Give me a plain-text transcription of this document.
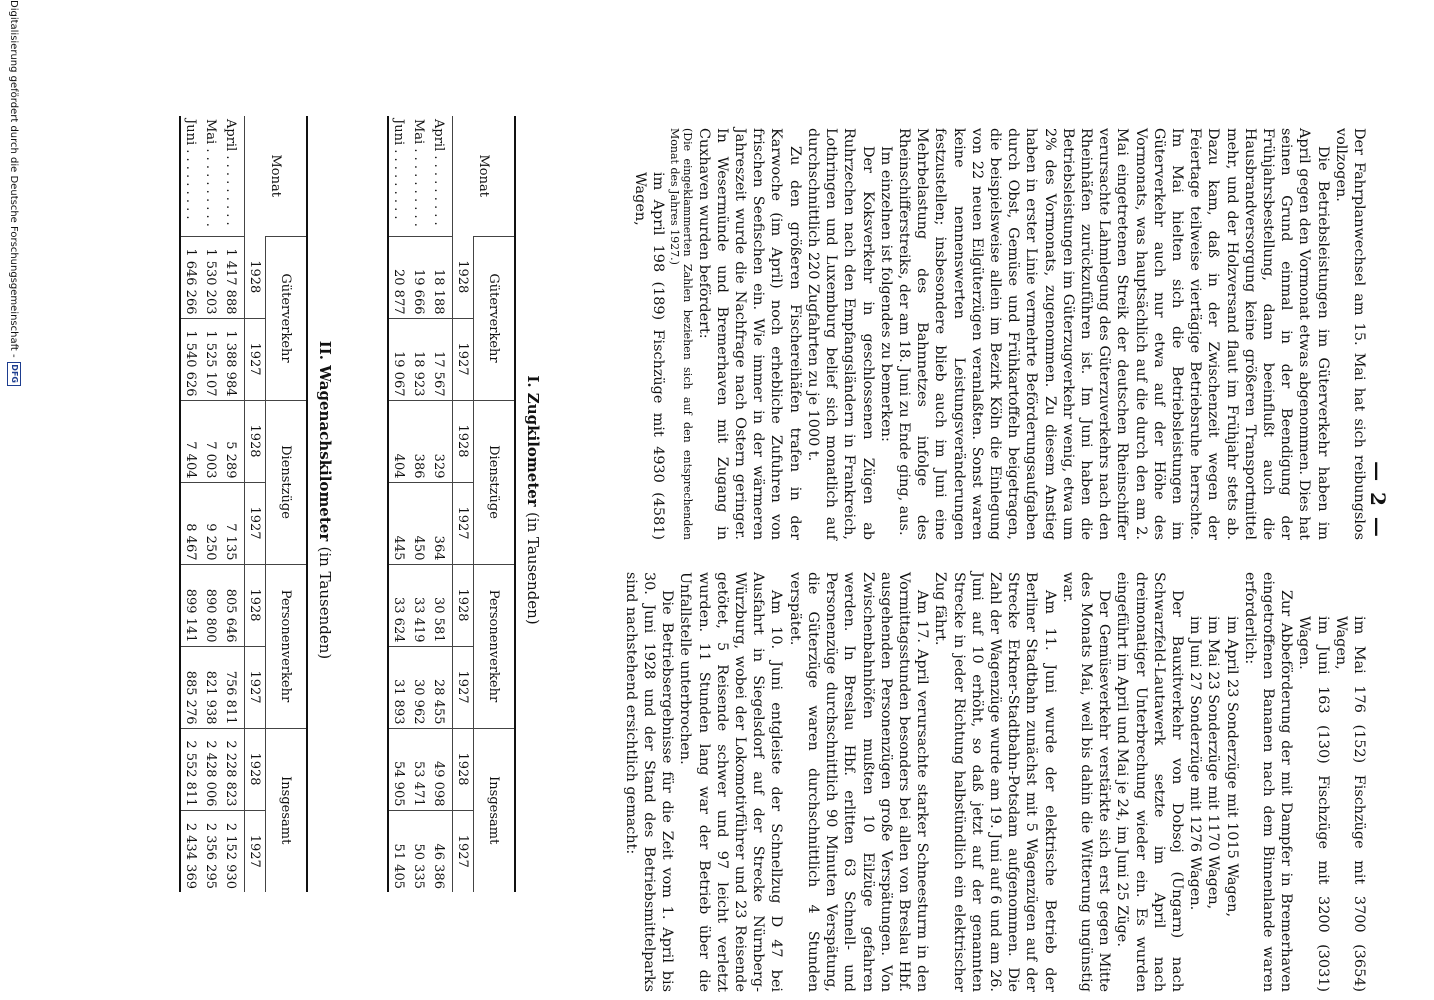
— 2 —

Der Fahrplanwechsel am 15. Mai hat sich reibungslos vollzogen.

Die Betriebsleistungen im Güterverkehr haben im April gegen den Vormonat etwas abgenommen. Dies hat seinen Grund einmal in der Beendigung der Frühjahrsbestellung, dann beeinflußt auch die Hausbrandversorgung keine größeren Transportmittel mehr, und der Holzversand flaut im Frühjahr stets ab. Dazu kam, daß in der Zwischenzeit wegen der Feiertage teilweise viertägige Betriebsruhe herrschte. Im Mai hielten sich die Betriebsleistungen im Güterverkehr auch nur etwa auf der Höhe des Vormonats, was hauptsächlich auf die durch den am 2. Mai eingetretenen Streik der deutschen Rheinschiffer verursachte Lahmlegung des Güterzuverkehrs nach den Rheinhäfen zurückzuführen ist. Im Juni haben die Betriebsleistungen im Güterzugverkehr wenig, etwa um 2% des Vormonats, zugenommen. Zu diesem Anstieg haben in erster Linie vermehrte Beförderungsaufgaben durch Obst, Gemüse und Frühkartoffeln beigetragen, die beispielsweise allein im Bezirk Köln die Einlegung von 22 neuen Eilgüterzügen veranlaßten. Sonst waren keine nennenswerten Leistungsveränderungen festzustellen; insbesondere blieb auch im Juni eine Mehrbelastung des Bahnnetzes infolge des Rheinschifferstreiks, der am 18. Juni zu Ende ging, aus.

Im einzelnen ist folgendes zu bemerken:

Der Koksverkehr in geschlossenen Zügen ab Ruhrzechen nach den Empfangsländern in Frankreich, Lothringen und Luxemburg belief sich monatlich auf durchschnittlich 220 Zugfahrten zu je 1000 t.

Zu den größeren Fischereihäfen trafen in der Karwoche (im April) noch erhebliche Zufuhren von frischen Seefischen ein. Wie immer in der wärmeren Jahreszeit wurde die Nachfrage nach Ostern geringer. In Wesermünde und Bremerhaven mit Zugang in Cuxhaven wurden befördert:

(Die eingeklammerten Zahlen beziehen sich auf den entsprechenden Monat des Jahres 1927.)

im April 198 (189) Fischzüge mit 4930 (4581) Wagen,

im Mai 176 (152) Fischzüge mit 3700 (3654) Wagen,

im Juni 163 (130) Fischzüge mit 3200 (3031) Wagen.

Zur Abbeförderung der mit Dampfer in Bremerhaven eingetroffenen Bananen nach dem Binnenlande waren erforderlich:

im April 23 Sonderzüge mit 1015 Wagen,

im Mai 23 Sonderzüge mit 1170 Wagen,

im Juni 27 Sonderzüge mit 1276 Wagen.

Der Bauxitverkehr von Dobsoj (Ungarn) nach Schwarzfeld-Lautawerk setzte im April nach dreimonatiger Unterbrechung wieder ein. Es wurden eingeführt im April und Mai je 24, im Juni 25 Züge.

Der Gemüseverkehr verstärkte sich erst gegen Mitte des Monats Mai, weil bis dahin die Witterung ungünstig war.

Am 11. Juni wurde der elektrische Betrieb der Berliner Stadtbahn zunächst mit 5 Wagenzügen auf der Strecke Erkner-Stadtbahn-Potsdam aufgenommen. Die Zahl der Wagenzüge wurde am 19. Juni auf 6 und am 26. Juni auf 10 erhöht, so daß jetzt auf der genannten Strecke in jeder Richtung halbstündlich ein elektrischer Zug fährt.

Am 17. April verursachte starker Schneesturm in den Vormittagsstunden besonders bei allen von Breslau Hbf. ausgehenden Personenzügen große Verspätungen. Von Zwischenbahnhöfen mußten 10 Eilzüge gefahren werden. In Breslau Hbf. erlitten 63 Schnell- und Personenzüge durchschnittlich 90 Minuten Verspätung, die Güterzüge waren durchschnittlich 4 Stunden verspätet.

Am 10. Juni entgleiste der Schnellzug D 47 bei Ausfahrt in Siegelsdorf auf der Strecke Nürnberg-Würzburg, wobei der Lokomotivführer und 23 Reisende getötet, 5 Reisende schwer und 97 leicht verletzt wurden. 11 Stunden lang war der Betrieb über die Unfallstelle unterbrochen.

Die Betriebsergebnisse für die Zeit vom 1. April bis 30. Juni 1928 und der Stand des Betriebsmittelparks sind nachstehend ersichtlich gemacht:

I. Zugkilometer (in Tausenden)
Monat	Güterverkehr		Dienstzüge		Personenverkehr		Insgesamt	
	1928	1927	1928	1927	1928	1927	1928	1927
April . . . . . . . . .	18 188	17 567	329	364	30 581	28 455	49 098	46 386
Mai . . . . . . . . . .	19 666	18 923	386	450	33 419	30 962	53 471	50 335
Juni . . . . . . . . .	20 877	19 067	404	445	33 624	31 893	54 905	51 405
II. Wagenachskilometer (in Tausenden)
Monat	Güterverkehr		Dienstzüge		Personenverkehr		Insgesamt	
	1928	1927	1928	1927	1928	1927	1928	1927
April . . . . . . . . .	1 417 888	1 388 984	5 289	7 135	805 646	756 811	2 228 823	2 152 930
Mai . . . . . . . . . .	1 530 203	1 525 107	7 003	9 250	890 800	821 938	2 428 006	2 356 295
Juni . . . . . . . . .	1 646 266	1 540 626	7 404	8 467	899 141	885 276	2 552 811	2 434 369
Digitalisierung gefördert durch die Deutsche Forschungsgemeinschaft -
DFG
